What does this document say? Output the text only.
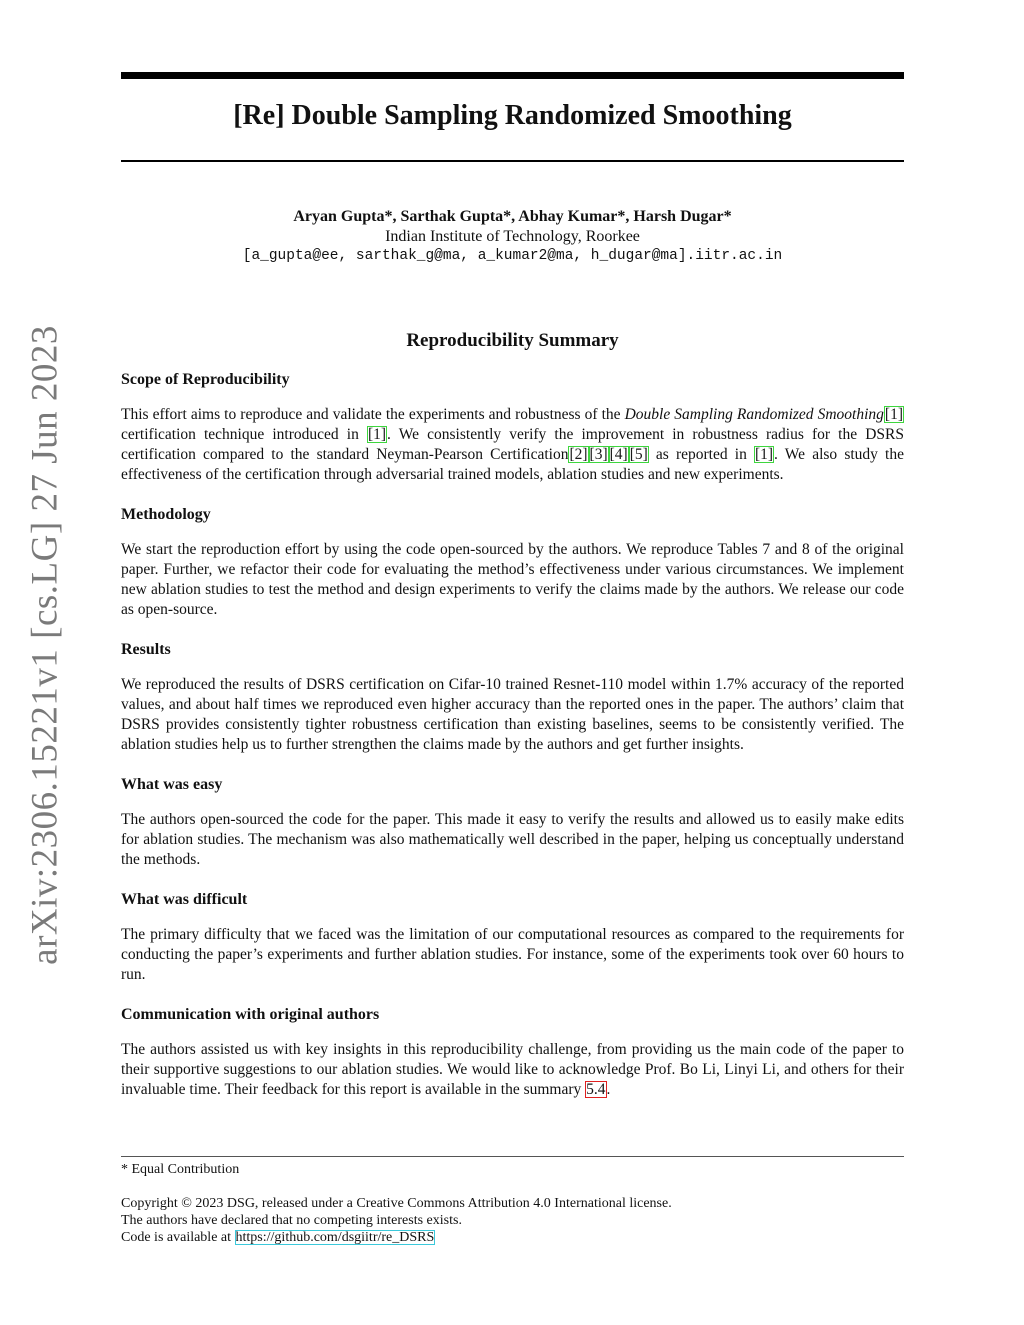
arXiv:2306.15221v1 [cs.LG] 27 Jun 2023
[Re] Double Sampling Randomized Smoothing
Aryan Gupta*, Sarthak Gupta*, Abhay Kumar*, Harsh Dugar*
Indian Institute of Technology, Roorkee
[a_gupta@ee, sarthak_g@ma, a_kumar2@ma, h_dugar@ma].iitr.ac.in
Reproducibility Summary
Scope of Reproducibility

This effort aims to reproduce and validate the experiments and robustness of the Double Sampling Randomized Smoothing[1] certification technique introduced in [1]. We consistently verify the improvement in robustness radius for the DSRS certification compared to the standard Neyman-Pearson Certification[2] [3] [4] [5] as reported in [1]. We also study the effectiveness of the certification through adversarial trained models, ablation studies and new experiments.

Methodology

We start the reproduction effort by using the code open-sourced by the authors. We reproduce Tables 7 and 8 of the original paper. Further, we refactor their code for evaluating the method’s effectiveness under various circumstances. We implement new ablation studies to test the method and design experiments to verify the claims made by the authors. We release our code as open-source.

Results

We reproduced the results of DSRS certification on Cifar-10 trained Resnet-110 model within 1.7% accuracy of the reported values, and about half times we reproduced even higher accuracy than the reported ones in the paper. The authors’ claim that DSRS provides consistently tighter robustness certification than existing baselines, seems to be consistently verified. The ablation studies help us to further strengthen the claims made by the authors and get further insights.

What was easy

The authors open-sourced the code for the paper. This made it easy to verify the results and allowed us to easily make edits for ablation studies. The mechanism was also mathematically well described in the paper, helping us conceptually understand the methods.

What was difficult

The primary difficulty that we faced was the limitation of our computational resources as compared to the requirements for conducting the paper’s experiments and further ablation studies. For instance, some of the experiments took over 60 hours to run.

Communication with original authors

The authors assisted us with key insights in this reproducibility challenge, from providing us the main code of the paper to their supportive suggestions to our ablation studies. We would like to acknowledge Prof. Bo Li, Linyi Li, and others for their invaluable time. Their feedback for this report is available in the summary 5.4.

* Equal Contribution
Copyright © 2023 DSG, released under a Creative Commons Attribution 4.0 International license.
The authors have declared that no competing interests exists.
Code is available at https://github.com/dsgiitr/re_DSRS
